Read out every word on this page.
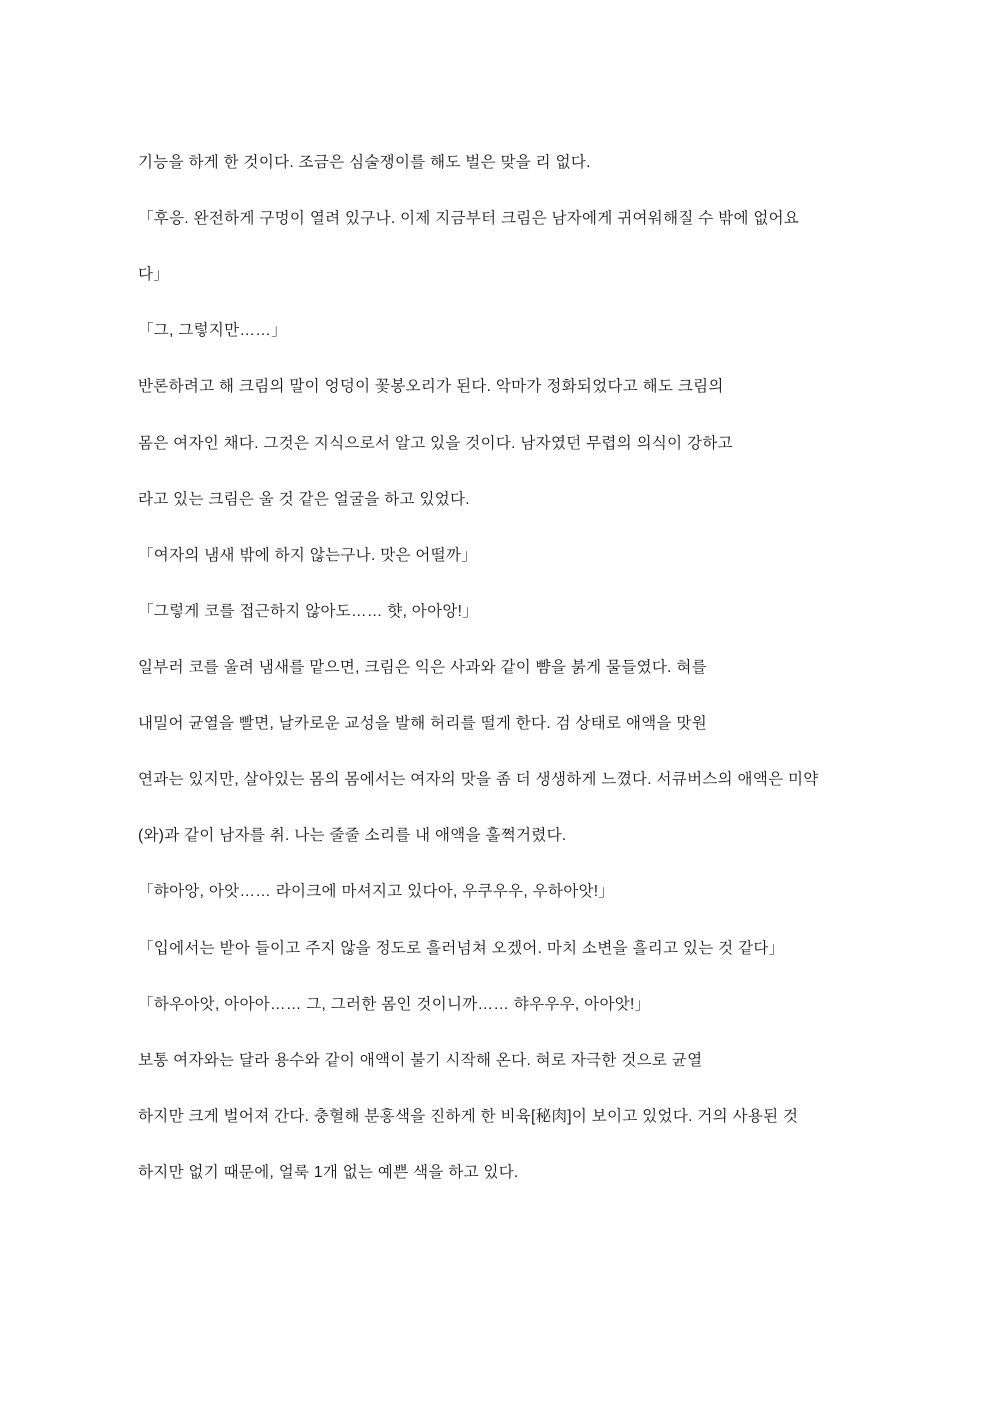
기능을 하게 한 것이다. 조금은 심술쟁이를 해도 벌은 맞을 리 없다.

「후응. 완전하게 구멍이 열려 있구나. 이제 지금부터 크림은 남자에게 귀여워해질 수 밖에 없어요

다」

「그, 그렇지만……」

반론하려고 해 크림의 말이 엉덩이 꽃봉오리가 된다. 악마가 정화되었다고 해도 크림의

몸은 여자인 채다. 그것은 지식으로서 알고 있을 것이다. 남자였던 무렵의 의식이 강하고

라고 있는 크림은 울 것 같은 얼굴을 하고 있었다.

「여자의 냄새 밖에 하지 않는구나. 맛은 어떨까」

「그렇게 코를 접근하지 않아도…… 햣, 아아앙!」

일부러 코를 울려 냄새를 맡으면, 크림은 익은 사과와 같이 뺨을 붉게 물들였다. 혀를

내밀어 균열을 빨면, 날카로운 교성을 발해 허리를 떨게 한다. 검 상태로 애액을 맛원

연과는 있지만, 살아있는 몸의 몸에서는 여자의 맛을 좀 더 생생하게 느꼈다. 서큐버스의 애액은 미약

(와)과 같이 남자를 취. 나는 줄줄 소리를 내 애액을 훌쩍거렸다.

「햐아앙, 아앗…… 라이크에 마셔지고 있다아, 우쿠우우, 우하아앗!」

「입에서는 받아 들이고 주지 않을 정도로 흘러넘쳐 오겠어. 마치 소변을 흘리고 있는 것 같다」

「하우아앗, 아아아…… 그, 그러한 몸인 것이니까…… 햐우우우, 아아앗!」

보통 여자와는 달라 용수와 같이 애액이 불기 시작해 온다. 혀로 자극한 것으로 균열

하지만 크게 벌어져 간다. 충혈해 분홍색을 진하게 한 비육[秘肉]이 보이고 있었다. 거의 사용된 것

하지만 없기 때문에, 얼룩 1개 없는 예쁜 색을 하고 있다.
